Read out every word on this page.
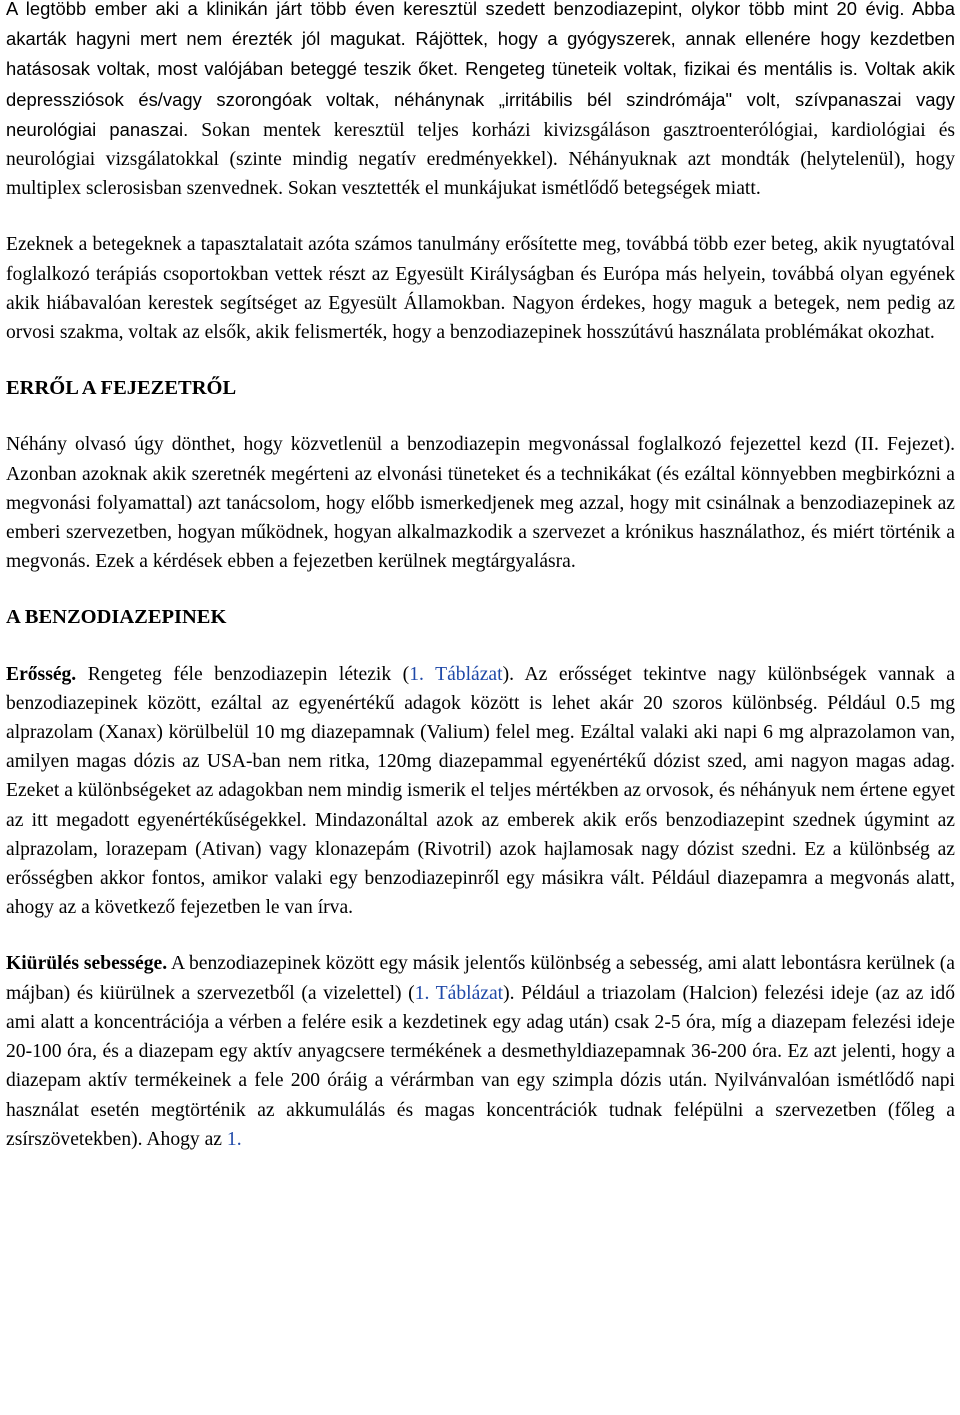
A legtöbb ember aki a klinikán járt több éven keresztül szedett benzodiazepint, olykor több mint 20 évig. Abba akarták hagyni mert nem érezték jól magukat. Rájöttek, hogy a gyógyszerek, annak ellenére hogy kezdetben hatásosak voltak, most valójában beteggé teszik őket. Rengeteg tüneteik voltak, fizikai és mentális is. Voltak akik depressziósok és/vagy szorongóak voltak, néhánynak „irritábilis bél szindrómája" volt, szívpanaszai vagy neurológiai panaszai. Sokan mentek keresztül teljes korházi kivizsgáláson gasztroenterólógiai, kardiológiai és neurológiai vizsgálatokkal (szinte mindig negatív eredményekkel). Néhányuknak azt mondták (helytelenül), hogy multiplex sclerosisban szenvednek. Sokan vesztették el munkájukat ismétlődő betegségek miatt.

Ezeknek a betegeknek a tapasztalatait azóta számos tanulmány erősítette meg, továbbá több ezer beteg, akik nyugtatóval foglalkozó terápiás csoportokban vettek részt az Egyesült Királyságban és Európa más helyein, továbbá olyan egyének akik hiábavalóan kerestek segítséget az Egyesült Államokban. Nagyon érdekes, hogy maguk a betegek, nem pedig az orvosi szakma, voltak az elsők, akik felismerték, hogy a benzodiazepinek hosszútávú használata problémákat okozhat.

ERRŐL A FEJEZETRŐL

Néhány olvasó úgy dönthet, hogy közvetlenül a benzodiazepin megvonással foglalkozó fejezettel kezd (II. Fejezet). Azonban azoknak akik szeretnék megérteni az elvonási tüneteket és a technikákat (és ezáltal könnyebben megbirkózni a megvonási folyamattal) azt tanácsolom, hogy előbb ismerkedjenek meg azzal, hogy mit csinálnak a benzodiazepinek az emberi szervezetben, hogyan működnek, hogyan alkalmazkodik a szervezet a krónikus használathoz, és miért történik a megvonás. Ezek a kérdések ebben a fejezetben kerülnek megtárgyalásra.

A BENZODIAZEPINEK

Erősség. Rengeteg féle benzodiazepin létezik (1. Táblázat). Az erősséget tekintve nagy különbségek vannak a benzodiazepinek között, ezáltal az egyenértékű adagok között is lehet akár 20 szoros különbség. Például 0.5 mg alprazolam (Xanax) körülbelül 10 mg diazepamnak (Valium) felel meg. Ezáltal valaki aki napi 6 mg alprazolamon van, amilyen magas dózis az USA-ban nem ritka, 120mg diazepammal egyenértékű dózist szed, ami nagyon magas adag. Ezeket a különbségeket az adagokban nem mindig ismerik el teljes mértékben az orvosok, és néhányuk nem értene egyet az itt megadott egyenértékűségekkel. Mindazonáltal azok az emberek akik erős benzodiazepint szednek úgymint az alprazolam, lorazepam (Ativan) vagy klonazepám (Rivotril) azok hajlamosak nagy dózist szedni. Ez a különbség az erősségben akkor fontos, amikor valaki egy benzodiazepinről egy másikra vált. Például diazepamra a megvonás alatt, ahogy az a következő fejezetben le van írva.

Kiürülés sebessége. A benzodiazepinek között egy másik jelentős különbség a sebesség, ami alatt lebontásra kerülnek (a májban) és kiürülnek a szervezetből (a vizelettel) (1. Táblázat). Például a triazolam (Halcion) felezési ideje (az az idő ami alatt a koncentrációja a vérben a felére esik a kezdetinek egy adag után) csak 2-5 óra, míg a diazepam felezési ideje 20-100 óra, és a diazepam egy aktív anyagcsere termékének a desmethyldiazepamnak 36-200 óra. Ez azt jelenti, hogy a diazepam aktív termékeinek a fele 200 óráig a vérármban van egy szimpla dózis után. Nyilvánvalóan ismétlődő napi használat esetén megtörténik az akkumulálás és magas koncentrációk tudnak felépülni a szervezetben (főleg a zsírszövetekben). Ahogy az 1.
